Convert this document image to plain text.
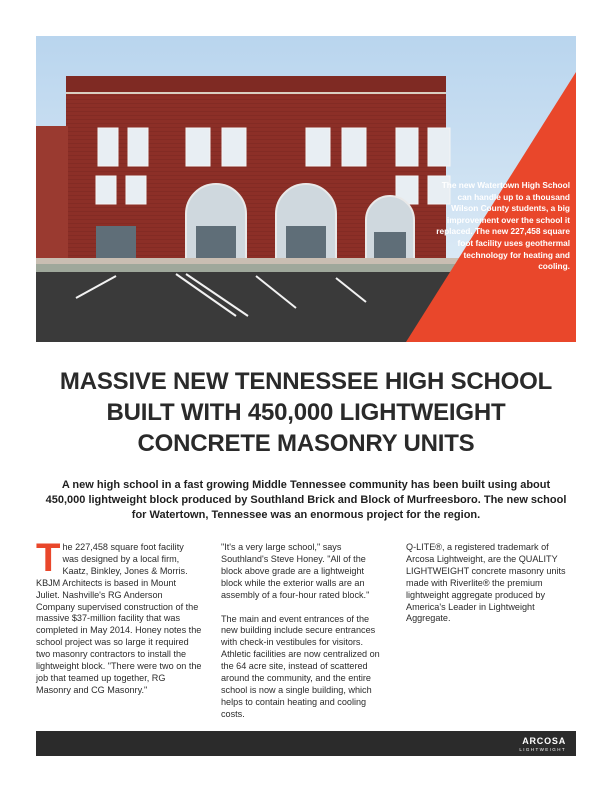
The new Watertown High School can handle up to a thousand Wilson County students, a big improvement over the school it replaced. The new 227,458 square foot facility uses geothermal technology for heating and cooling.
MASSIVE NEW TENNESSEE HIGH SCHOOL
BUILT WITH 450,000 LIGHTWEIGHT
CONCRETE MASONRY UNITS

A new high school in a fast growing Middle Tennessee community has been built using about 450,000 lightweight block produced by Southland Brick and Block of Murfreesboro. The new school for Watertown, Tennessee was an enormous project for the region.

T he 227,458 square foot facility was designed by a local firm, Kaatz, Binkley, Jones & Morris. KBJM Architects is based in Mount Juliet. Nashville's RG Anderson Company supervised construction of the massive $37-million facility that was completed in May 2014. Honey notes the school project was so large it required two masonry contractors to install the lightweight block. "There were two on the job that teamed up together, RG Masonry and CG Masonry."

"It's a very large school," says Southland's Steve Honey. "All of the block above grade are a lightweight block while the exterior walls are an assembly of a four-hour rated block."

The main and event entrances of the new building include secure entrances with check-in vestibules for visitors. Athletic facilities are now centralized on the 64 acre site, instead of scattered around the community, and the entire school is now a single building, which helps to contain heating and cooling costs.

Q-LITE®, a registered trademark of Arcosa Lightweight, are the QUALITY LIGHTWEIGHT concrete masonry units made with Riverlite® the premium lightweight aggregate produced by America's Leader in Lightweight Aggregate.

ARCOSA
LIGHTWEIGHT
